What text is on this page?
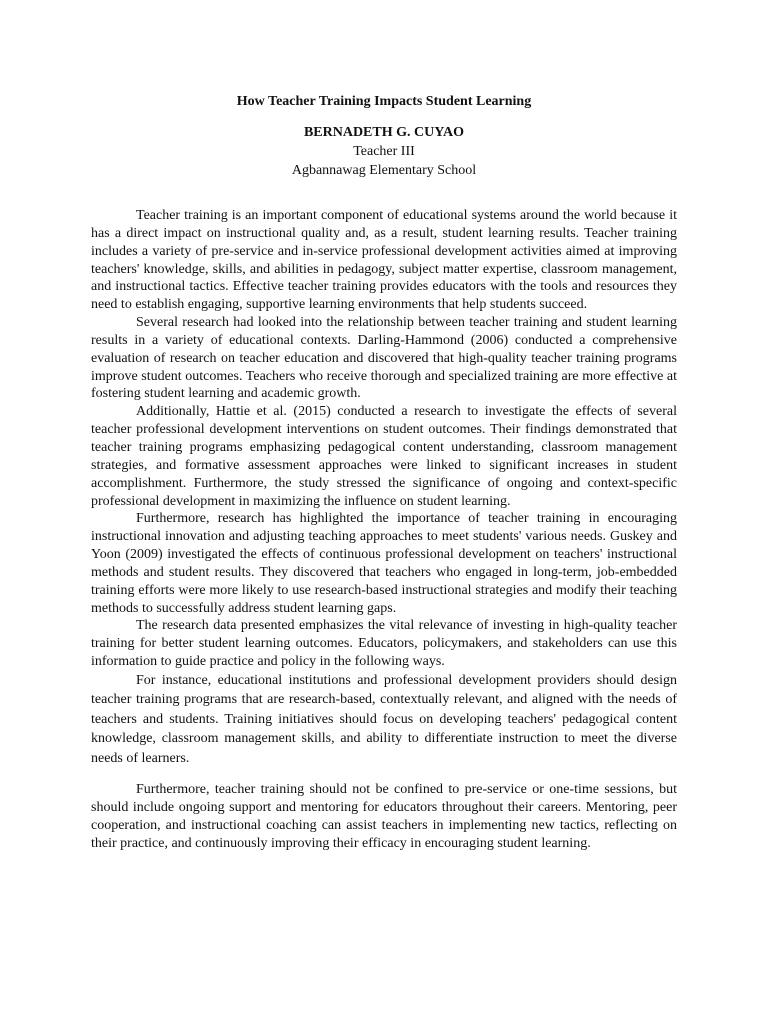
How Teacher Training Impacts Student Learning
BERNADETH G. CUYAO
Teacher III
Agbannawag Elementary School

Teacher training is an important component of educational systems around the world because it has a direct impact on instructional quality and, as a result, student learning results. Teacher training includes a variety of pre-service and in-service professional development activities aimed at improving teachers' knowledge, skills, and abilities in pedagogy, subject matter expertise, classroom management, and instructional tactics. Effective teacher training provides educators with the tools and resources they need to establish engaging, supportive learning environments that help students succeed.

Several research had looked into the relationship between teacher training and student learning results in a variety of educational contexts. Darling-Hammond (2006) conducted a comprehensive evaluation of research on teacher education and discovered that high-quality teacher training programs improve student outcomes. Teachers who receive thorough and specialized training are more effective at fostering student learning and academic growth.

Additionally, Hattie et al. (2015) conducted a research to investigate the effects of several teacher professional development interventions on student outcomes. Their findings demonstrated that teacher training programs emphasizing pedagogical content understanding, classroom management strategies, and formative assessment approaches were linked to significant increases in student accomplishment. Furthermore, the study stressed the significance of ongoing and context-specific professional development in maximizing the influence on student learning.

Furthermore, research has highlighted the importance of teacher training in encouraging instructional innovation and adjusting teaching approaches to meet students' various needs. Guskey and Yoon (2009) investigated the effects of continuous professional development on teachers' instructional methods and student results. They discovered that teachers who engaged in long-term, job-embedded training efforts were more likely to use research-based instructional strategies and modify their teaching methods to successfully address student learning gaps.

The research data presented emphasizes the vital relevance of investing in high-quality teacher training for better student learning outcomes. Educators, policymakers, and stakeholders can use this information to guide practice and policy in the following ways.

For instance, educational institutions and professional development providers should design teacher training programs that are research-based, contextually relevant, and aligned with the needs of teachers and students. Training initiatives should focus on developing teachers' pedagogical content knowledge, classroom management skills, and ability to differentiate instruction to meet the diverse needs of learners.

Furthermore, teacher training should not be confined to pre-service or one-time sessions, but should include ongoing support and mentoring for educators throughout their careers. Mentoring, peer cooperation, and instructional coaching can assist teachers in implementing new tactics, reflecting on their practice, and continuously improving their efficacy in encouraging student learning.
